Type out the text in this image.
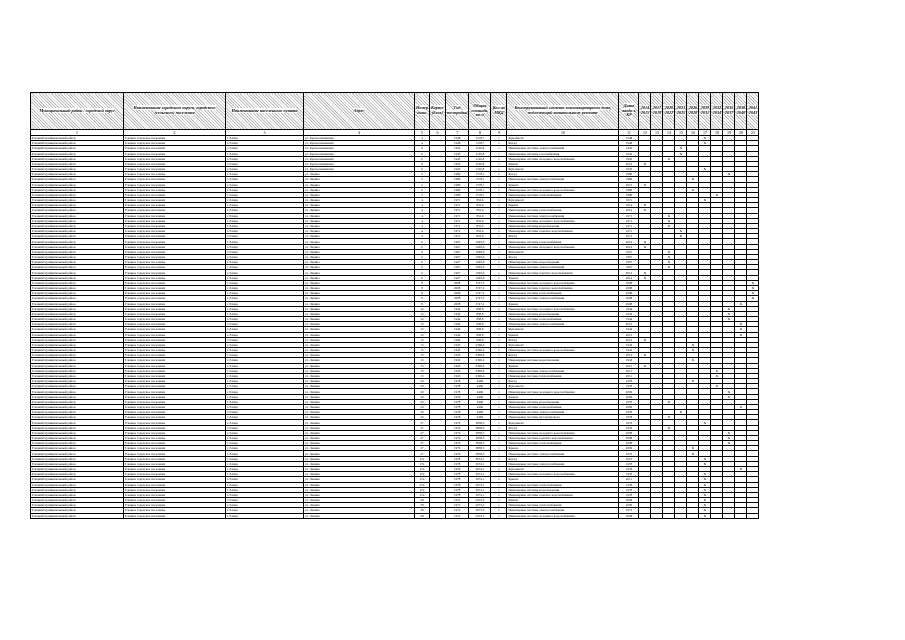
Муниципальный район / городской округ	Наименование городского округа, городского (сельского) поселения	Наименование населенного пункта	Адрес	Номер дома	Корпус (блок)	Год постройки	Общая площадь, кв.м	Кол-во МКД	Конструктивный элемент многоквартирного дома, подлежащий капитальному ремонту	Дата ввода в КР	2014 2015	2017 2019	2020 2022	2023 2025	2026 2028	2029 2031	2032 2034	2035 2037	2038 2040	2041 2043
1	2	3	4	5	6	7	8	9	10	11	12	13	14	15	16	17	18	19	20	21
Елецкий муниципальный район	Елецкое городское поселение	г. Елецк	ул. Краснознаменная	4		1948	1158,7	1	Фундамент	1948						X				
Елецкий муниципальный район	Елецкое городское поселение	г. Елецк	ул. Краснознаменная	4		1948	1158,7	1	Фасад	1948						X				
Елецкий муниципальный район	Елецкое городское поселение	г. Елецк	ул. Краснознаменная	6		1945	1126,8	1	Инженерные системы электроснабжения	1945				X						
Елецкий муниципальный район	Елецкое городское поселение	г. Елецк	ул. Краснознаменная	6		1945	1126,8	1	Инженерные системы газоснабжения	1945				X						
Елецкий муниципальный район	Елецкое городское поселение	г. Елецк	ул. Краснознаменная	6		1945	1126,8	1	Инженерные системы холодного водоснабжения	1945			X							
Елецкий муниципальный район	Елецкое городское поселение	г. Елецк	ул. Краснознаменная	6		1945	1126,8	1	Крыша	2014	X									
Елецкий муниципальный район	Елецкое городское поселение	г. Елецк	ул. Краснознаменная	6		1945	1126,8	1	Фундамент	1945						X				
Елецкий муниципальный район	Елецкое городское поселение	г. Елецк	ул. Ларина	2		1986	1578,1	1	Фасад	1986								X		
Елецкий муниципальный район	Елецкое городское поселение	г. Елецк	ул. Ларина	2		1986	1578,1	1	Инженерные системы электроснабжения	1986					X					
Елецкий муниципальный район	Елецкое городское поселение	г. Елецк	ул. Ларина	2		1986	1578,1	1	Крыша	2015	X									
Елецкий муниципальный район	Елецкое городское поселение	г. Елецк	ул. Ларина	2		1986	1578,1	1	Инженерные системы холодного водоснабжения	1986					X					
Елецкий муниципальный район	Елецкое городское поселение	г. Елецк	ул. Ларина	2		1986	1578,1	1	Инженерные системы теплоснабжения	1986							X			
Елецкий муниципальный район	Елецкое городское поселение	г. Елецк	ул. Ларина	4		1971	852,6	1	Фундамент	1971						X				
Елецкий муниципальный район	Елецкое городское поселение	г. Елецк	ул. Ларина	4		1971	852,6	1	Крыша	2014	X									
Елецкий муниципальный район	Елецкое городское поселение	г. Елецк	ул. Ларина	4		1971	852,6	1	Инженерные системы теплоснабжения	2014	X									
Елецкий муниципальный район	Елецкое городское поселение	г. Елецк	ул. Ларина	4		1971	852,6	1	Инженерные системы электроснабжения	1971			X							
Елецкий муниципальный район	Елецкое городское поселение	г. Елецк	ул. Ларина	4		1971	852,6	1	Инженерные системы холодного водоснабжения	1971			X							
Елецкий муниципальный район	Елецкое городское поселение	г. Елецк	ул. Ларина	4		1971	852,6	1	Инженерные системы водоотведения	1971			X							
Елецкий муниципальный район	Елецкое городское поселение	г. Елецк	ул. Ларина	4		1971	852,6	1	Инженерные системы горячего водоснабжения	1971				X						
Елецкий муниципальный район	Елецкое городское поселение	г. Елецк	ул. Ларина	4		1971	852,6	1	Фасад	1971				X						
Елецкий муниципальный район	Елецкое городское поселение	г. Елецк	ул. Ларина	6		1967	1049,6	1	Инженерные системы теплоснабжения	2014	X									
Елецкий муниципальный район	Елецкое городское поселение	г. Елецк	ул. Ларина	6		1967	1049,6	1	Инженерные системы холодного водоснабжения	2014	X									
Елецкий муниципальный район	Елецкое городское поселение	г. Елецк	ул. Ларина	6		1967	1049,6	1	Фундамент	1967			X							
Елецкий муниципальный район	Елецкое городское поселение	г. Елецк	ул. Ларина	6		1967	1049,6	1	Фасад	1967			X							
Елецкий муниципальный район	Елецкое городское поселение	г. Елецк	ул. Ларина	6		1967	1049,6	1	Инженерные системы водоотведения	1967			X							
Елецкий муниципальный район	Елецкое городское поселение	г. Елецк	ул. Ларина	6		1967	1049,6	1	Инженерные системы электроснабжения	1967			X							
Елецкий муниципальный район	Елецкое городское поселение	г. Елецк	ул. Ларина	6		1967	1049,6	1	Инженерные системы горячего водоснабжения	2014	X									
Елецкий муниципальный район	Елецкое городское поселение	г. Елецк	ул. Ларина	6		1967	1049,6	1	Крыша	2014	X									
Елецкий муниципальный район	Елецкое городское поселение	г. Елецк	ул. Ларина	8		2008	3747,2	1	Инженерные системы холодного водоснабжения	2008										X
Елецкий муниципальный район	Елецкое городское поселение	г. Елецк	ул. Ларина	8		2008	3747,2	1	Инженерные системы горячего водоснабжения	2008										X
Елецкий муниципальный район	Елецкое городское поселение	г. Елецк	ул. Ларина	8		2008	3747,2	1	Инженерные системы теплоснабжения	2008										X
Елецкий муниципальный район	Елецкое городское поселение	г. Елецк	ул. Ларина	8		2008	3747,2	1	Инженерные системы электроснабжения	2008										X
Елецкий муниципальный район	Елецкое городское поселение	г. Елецк	ул. Ларина	8		2008	3747,2	1	Крыша	2008									X	
Елецкий муниципальный район	Елецкое городское поселение	г. Елецк	ул. Ленина	12		1944	858,8	1	Инженерные системы холодного водоснабжения	1944								X		
Елецкий муниципальный район	Елецкое городское поселение	г. Елецк	ул. Ленина	12		1944	858,8	1	Инженерные системы водоотведения	1944								X		
Елецкий муниципальный район	Елецкое городское поселение	г. Елецк	ул. Ленина	12		1944	858,8	1	Инженерные системы теплоснабжения	1944								X		
Елецкий муниципальный район	Елецкое городское поселение	г. Елецк	ул. Ленина	12		1944	858,8	1	Инженерные системы электроснабжения	2012									X	
Елецкий муниципальный район	Елецкое городское поселение	г. Елецк	ул. Ленина	12		1944	858,8	1	Фундамент	1944									X	
Елецкий муниципальный район	Елецкое городское поселение	г. Елецк	ул. Ленина	12		1944	858,8	1	Крыша	2012									X	
Елецкий муниципальный район	Елецкое городское поселение	г. Елецк	ул. Ленина	12		1944	858,8	1	Фасад	2014	X									
Елецкий муниципальный район	Елецкое городское поселение	г. Елецк	ул. Ленина	15		1943	2396,4	1	Фундамент	1943					X					
Елецкий муниципальный район	Елецкое городское поселение	г. Елецк	ул. Ленина	15		1943	2396,4	1	Инженерные системы холодного водоснабжения	1943					X					
Елецкий муниципальный район	Елецкое городское поселение	г. Елецк	ул. Ленина	15		1943	2396,4	1	Фасад	2014	X									
Елецкий муниципальный район	Елецкое городское поселение	г. Елецк	ул. Ленина	15		1943	2396,4	1	Инженерные системы водоотведения	1943					X					
Елецкий муниципальный район	Елецкое городское поселение	г. Елецк	ул. Ленина	15		1943	2396,4	1	Крыша	2015	X									
Елецкий муниципальный район	Елецкое городское поселение	г. Елецк	ул. Ленина	15		1943	2396,4	1	Инженерные системы электроснабжения	2011							X			
Елецкий муниципальный район	Елецкое городское поселение	г. Елецк	ул. Ленина	15		1943	2396,4	1	Инженерные системы теплоснабжения	2011							X			
Елецкий муниципальный район	Елецкое городское поселение	г. Елецк	ул. Ленина	20		1978	4466	1	Фасад	1978					X					
Елецкий муниципальный район	Елецкое городское поселение	г. Елецк	ул. Ленина	20		1978	4466	1	Фундамент	1978							X			
Елецкий муниципальный район	Елецкое городское поселение	г. Елецк	ул. Ленина	20		1978	4466	1	Инженерные системы холодного водоснабжения	2009								X		
Елецкий муниципальный район	Елецкое городское поселение	г. Елецк	ул. Ленина	20		1978	4466	1	Крыша	2009								X		
Елецкий муниципальный район	Елецкое городское поселение	г. Елецк	ул. Ленина	20		1978	4466	1	Инженерные системы водоотведения	1978			X							
Елецкий муниципальный район	Елецкое городское поселение	г. Елецк	ул. Ленина	20		1978	4466	1	Инженерные системы теплоснабжения	2009									X	
Елецкий муниципальный район	Елецкое городское поселение	г. Елецк	ул. Ленина	20		1978	4466	1	Инженерные системы электроснабжения	1978				X						
Елецкий муниципальный район	Елецкое городское поселение	г. Елецк	ул. Ленина	20		1978	4466	1	Инженерные системы мусоропровода	1978			X							
Елецкий муниципальный район	Елецкое городское поселение	г. Елецк	ул. Ленина	27		1979	3838,3	1	Фундамент	1979						X				
Елецкий муниципальный район	Елецкое городское поселение	г. Елецк	ул. Ленина	27		1979	3838,3	1	Фасад	1979			X							
Елецкий муниципальный район	Елецкое городское поселение	г. Елецк	ул. Ленина	27		1979	3838,3	1	Инженерные системы холодного водоснабжения	2008								X		
Елецкий муниципальный район	Елецкое городское поселение	г. Елецк	ул. Ленина	27		1979	3838,3	1	Инженерные системы горячего водоснабжения	2008								X		
Елецкий муниципальный район	Елецкое городское поселение	г. Елецк	ул. Ленина	27		1979	3838,3	1	Инженерные системы теплоснабжения	2008								X		
Елецкий муниципальный район	Елецкое городское поселение	г. Елецк	ул. Ленина	27		1979	3838,3	1	Крыша	2009					X					
Елецкий муниципальный район	Елецкое городское поселение	г. Елецк	ул. Ленина	27		1979	3838,3	1	Инженерные системы электроснабжения	1979					X					
Елецкий муниципальный район	Елецкое городское поселение	г. Елецк	ул. Ленина	27а		1978	3674,1	1	Фасад	2012						X				
Елецкий муниципальный район	Елецкое городское поселение	г. Елецк	ул. Ленина	27а		1978	3674,1	1	Инженерные системы электроснабжения	1978						X				
Елецкий муниципальный район	Елецкое городское поселение	г. Елецк	ул. Ленина	27а		1978	3674,1	1	Фундамент	1978									X	
Елецкий муниципальный район	Елецкое городское поселение	г. Елецк	ул. Ленина	27а		1978	3674,1	1	Инженерные системы холодного водоснабжения	1978						X				
Елецкий муниципальный район	Елецкое городское поселение	г. Елецк	ул. Ленина	27а		1978	3674,1	1	Крыша	2011						X				
Елецкий муниципальный район	Елецкое городское поселение	г. Елецк	ул. Ленина	27а		1978	3674,1	1	Инженерные системы теплоснабжения	1978						X				
Елецкий муниципальный район	Елецкое городское поселение	г. Елецк	ул. Ленина	27а		1978	3674,1	1	Инженерные системы водоотведения	1978						X				
Елецкий муниципальный район	Елецкое городское поселение	г. Елецк	ул. Ленина	27а		1978	3674,1	1	Инженерные системы горячего водоснабжения	1978						X				
Елецкий муниципальный район	Елецкое городское поселение	г. Елецк	ул. Ленина	28		1972	2072,2	1	Крыша	2009						X				
Елецкий муниципальный район	Елецкое городское поселение	г. Елецк	ул. Ленина	28		1972	2072,2	1	Инженерные системы теплоснабжения	2009						X				
Елецкий муниципальный район	Елецкое городское поселение	г. Елецк	ул. Ленина	28		1972	2072,2	1	Инженерные системы электроснабжения	1972						X				
Елецкий муниципальный район	Елецкое городское поселение	г. Елецк	ул. Ленина	28		1972	2072,2	1	Инженерные системы холодного водоснабжения	2009						X				
